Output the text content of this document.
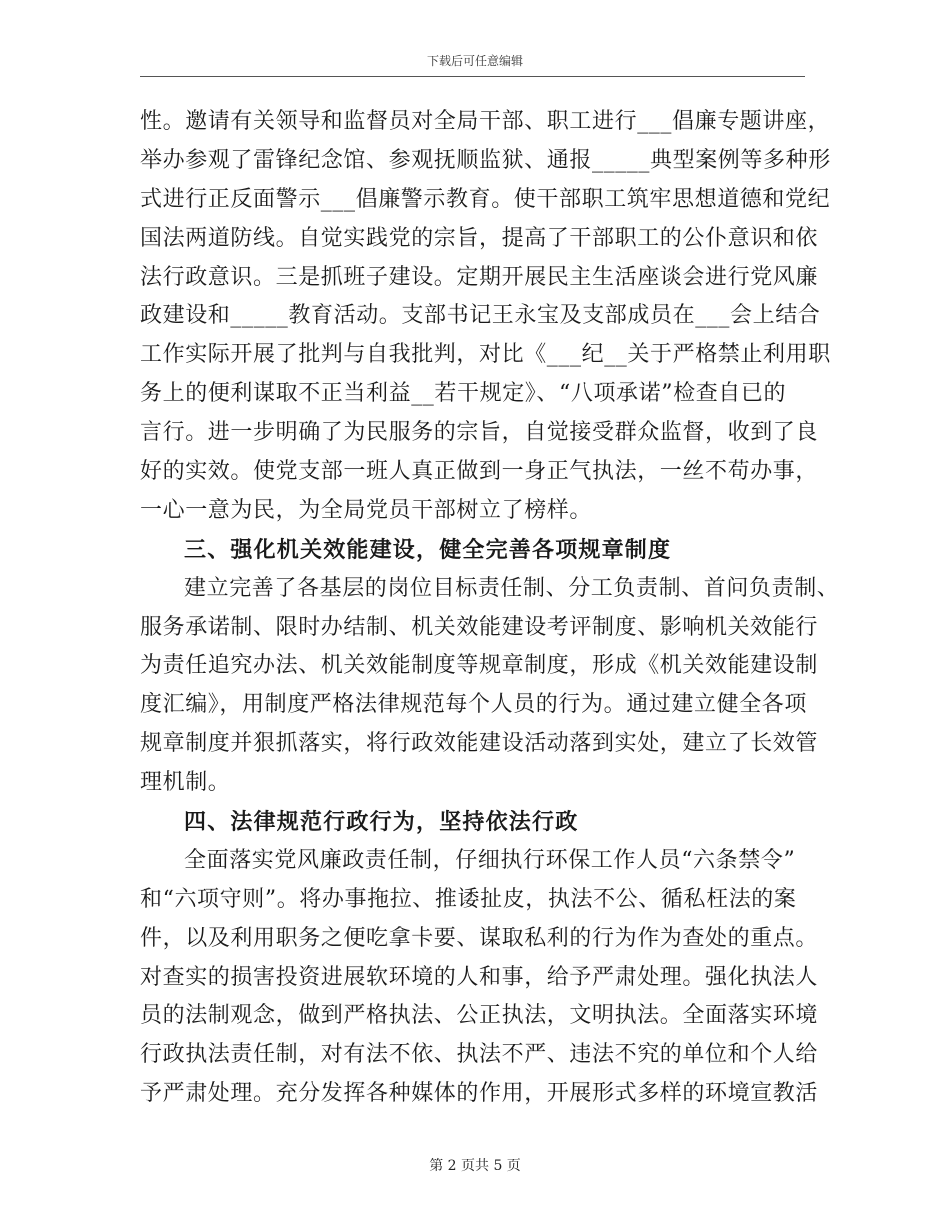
下载后可任意编辑
性。邀请有关领导和监督员对全局干部、职工进行___倡廉专题讲座，
举办参观了雷锋纪念馆、参观抚顺监狱、通报_____典型案例等多种形
式进行正反面警示___倡廉警示教育。使干部职工筑牢思想道德和党纪
国法两道防线。自觉实践党的宗旨，提高了干部职工的公仆意识和依
法行政意识。三是抓班子建设。定期开展民主生活座谈会进行党风廉
政建设和_____教育活动。支部书记王永宝及支部成员在___会上结合
工作实际开展了批判与自我批判，对比《___纪__关于严格禁止利用职
务上的便利谋取不正当利益__若干规定》、“八项承诺”检查自已的
言行。进一步明确了为民服务的宗旨，自觉接受群众监督，收到了良
好的实效。使党支部一班人真正做到一身正气执法，一丝不苟办事，
一心一意为民，为全局党员干部树立了榜样。
三、强化机关效能建设，健全完善各项规章制度
建立完善了各基层的岗位目标责任制、分工负责制、首问负责制、
服务承诺制、限时办结制、机关效能建设考评制度、影响机关效能行
为责任追究办法、机关效能制度等规章制度，形成《机关效能建设制
度汇编》，用制度严格法律规范每个人员的行为。通过建立健全各项
规章制度并狠抓落实，将行政效能建设活动落到实处，建立了长效管
理机制。
四、法律规范行政行为，坚持依法行政
全面落实党风廉政责任制，仔细执行环保工作人员“六条禁令”
和“六项守则”。将办事拖拉、推诿扯皮，执法不公、循私枉法的案
件，以及利用职务之便吃拿卡要、谋取私利的行为作为查处的重点。
对查实的损害投资进展软环境的人和事，给予严肃处理。强化执法人
员的法制观念，做到严格执法、公正执法，文明执法。全面落实环境
行政执法责任制，对有法不依、执法不严、违法不究的单位和个人给
予严肃处理。充分发挥各种媒体的作用，开展形式多样的环境宣教活
第 2 页共 5 页
